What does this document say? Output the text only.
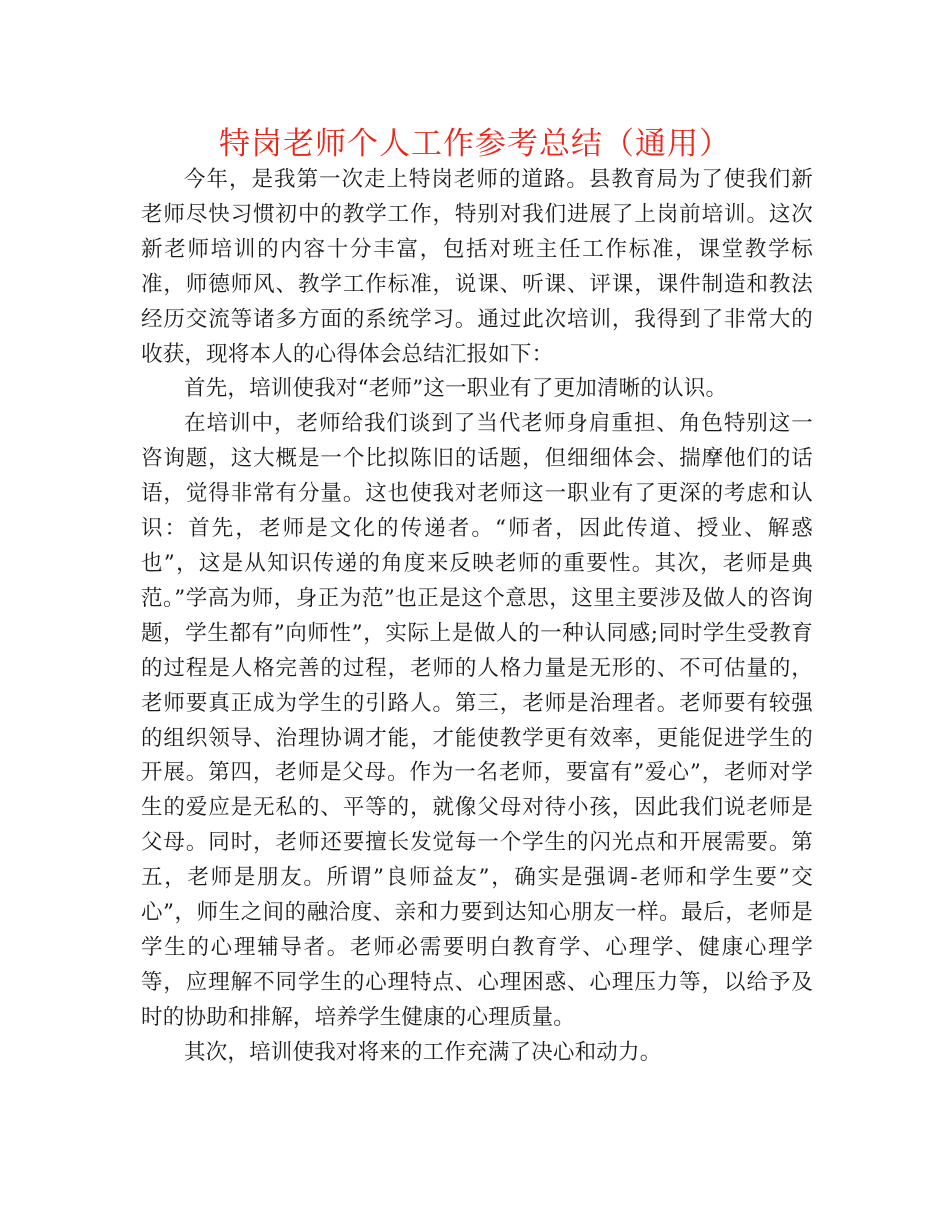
特岗老师个人工作参考总结（通用）

今年，是我第一次走上特岗老师的道路。县教育局为了使我们新老师尽快习惯初中的教学工作，特别对我们进展了上岗前培训。这次新老师培训的内容十分丰富，包括对班主任工作标准，课堂教学标准，师德师风、教学工作标准，说课、听课、评课，课件制造和教法经历交流等诸多方面的系统学习。通过此次培训，我得到了非常大的收获，现将本人的心得体会总结汇报如下：

首先，培训使我对“老师”这一职业有了更加清晰的认识。

在培训中，老师给我们谈到了当代老师身肩重担、角色特别这一咨询题，这大概是一个比拟陈旧的话题，但细细体会、揣摩他们的话语，觉得非常有分量。这也使我对老师这一职业有了更深的考虑和认识：首先，老师是文化的传递者。“师者，因此传道、授业、解惑也”，这是从知识传递的角度来反映老师的重要性。其次，老师是典范。”学高为师，身正为范”也正是这个意思，这里主要涉及做人的咨询题，学生都有”向师性”，实际上是做人的一种认同感;同时学生受教育的过程是人格完善的过程，老师的人格力量是无形的、不可估量的，老师要真正成为学生的引路人。第三，老师是治理者。老师要有较强的组织领导、治理协调才能，才能使教学更有效率，更能促进学生的开展。第四，老师是父母。作为一名老师，要富有”爱心”，老师对学生的爱应是无私的、平等的，就像父母对待小孩，因此我们说老师是父母。同时，老师还要擅长发觉每一个学生的闪光点和开展需要。第五，老师是朋友。所谓”良师益友”，确实是强调-老师和学生要”交心”，师生之间的融洽度、亲和力要到达知心朋友一样。最后，老师是学生的心理辅导者。老师必需要明白教育学、心理学、健康心理学等，应理解不同学生的心理特点、心理困惑、心理压力等，以给予及时的协助和排解，培养学生健康的心理质量。

其次，培训使我对将来的工作充满了决心和动力。
